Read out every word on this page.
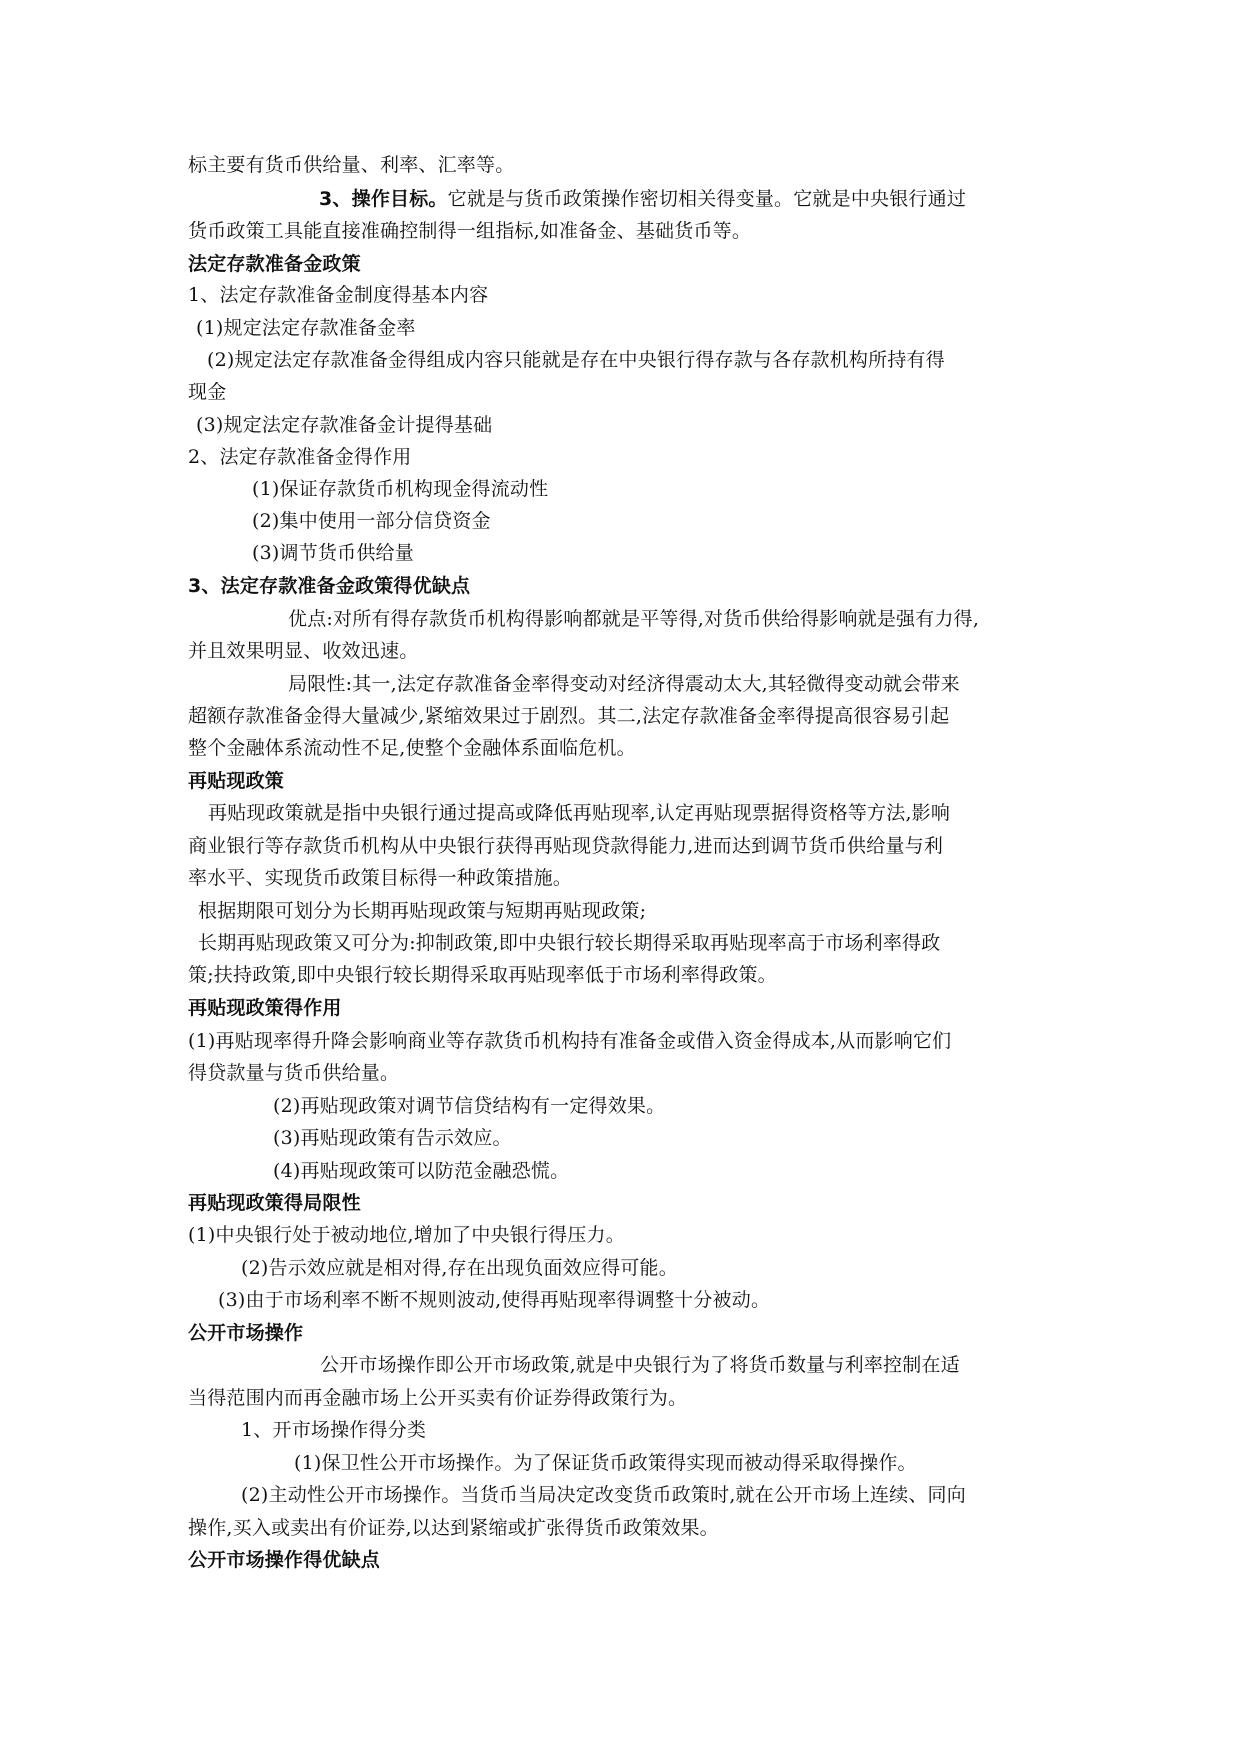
标主要有货币供给量、利率、汇率等。
3、操作目标。它就是与货币政策操作密切相关得变量。它就是中央银行通过
货币政策工具能直接准确控制得一组指标,如准备金、基础货币等。
法定存款准备金政策
1、法定存款准备金制度得基本内容
(1)规定法定存款准备金率
(2)规定法定存款准备金得组成内容只能就是存在中央银行得存款与各存款机构所持有得
现金
(3)规定法定存款准备金计提得基础
2、法定存款准备金得作用
(1)保证存款货币机构现金得流动性
(2)集中使用一部分信贷资金
(3)调节货币供给量
3、法定存款准备金政策得优缺点
优点:对所有得存款货币机构得影响都就是平等得,对货币供给得影响就是强有力得,
并且效果明显、收效迅速。
局限性:其一,法定存款准备金率得变动对经济得震动太大,其轻微得变动就会带来
超额存款准备金得大量减少,紧缩效果过于剧烈。其二,法定存款准备金率得提高很容易引起
整个金融体系流动性不足,使整个金融体系面临危机。
再贴现政策
再贴现政策就是指中央银行通过提高或降低再贴现率,认定再贴现票据得资格等方法,影响
商业银行等存款货币机构从中央银行获得再贴现贷款得能力,进而达到调节货币供给量与利
率水平、实现货币政策目标得一种政策措施。
根据期限可划分为长期再贴现政策与短期再贴现政策;
长期再贴现政策又可分为:抑制政策,即中央银行较长期得采取再贴现率高于市场利率得政
策;扶持政策,即中央银行较长期得采取再贴现率低于市场利率得政策。
再贴现政策得作用
(1)再贴现率得升降会影响商业等存款货币机构持有准备金或借入资金得成本,从而影响它们
得贷款量与货币供给量。
(2)再贴现政策对调节信贷结构有一定得效果。
(3)再贴现政策有告示效应。
(4)再贴现政策可以防范金融恐慌。
再贴现政策得局限性
(1)中央银行处于被动地位,增加了中央银行得压力。
(2)告示效应就是相对得,存在出现负面效应得可能。
(3)由于市场利率不断不规则波动,使得再贴现率得调整十分被动。
公开市场操作
公开市场操作即公开市场政策,就是中央银行为了将货币数量与利率控制在适
当得范围内而再金融市场上公开买卖有价证券得政策行为。
1、开市场操作得分类
(1)保卫性公开市场操作。为了保证货币政策得实现而被动得采取得操作。
(2)主动性公开市场操作。当货币当局决定改变货币政策时,就在公开市场上连续、同向
操作,买入或卖出有价证券,以达到紧缩或扩张得货币政策效果。
公开市场操作得优缺点
